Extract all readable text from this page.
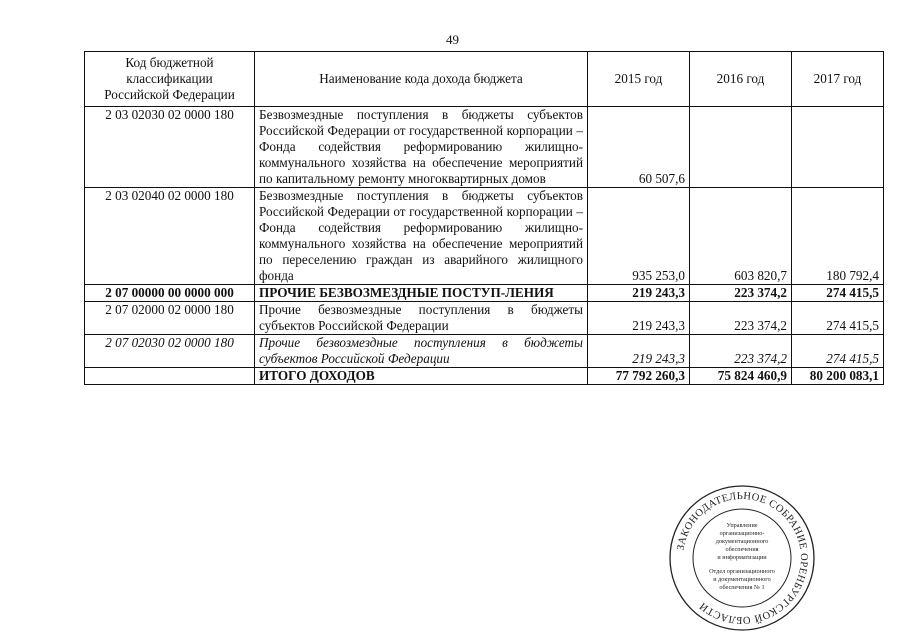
49
Код бюджетной
классификации
Российской Федерации	Наименование кода дохода бюджета	2015 год	2016 год	2017 год
2 03 02030 02 0000 180	Безвозмездные поступления в бюджеты субъектов Российской Федерации от государственной корпорации – Фонда содействия реформированию жилищно-коммунального хозяйства на обеспечение мероприятий по капитальному ремонту многоквартирных домов	60 507,6		
2 03 02040 02 0000 180	Безвозмездные поступления в бюджеты субъектов Российской Федерации от государственной корпорации – Фонда содействия реформированию жилищно-коммунального хозяйства на обеспечение мероприятий по переселению граждан из аварийного жилищного фонда	935 253,0	603 820,7	180 792,4
2 07 00000 00 0000 000	ПРОЧИЕ БЕЗВОЗМЕЗДНЫЕ ПОСТУП-ЛЕНИЯ	219 243,3	223 374,2	274 415,5
2 07 02000 02 0000 180	Прочие безвозмездные поступления в бюджеты субъектов Российской Федерации	219 243,3	223 374,2	274 415,5
2 07 02030 02 0000 180	Прочие безвозмездные поступления в бюджеты субъектов Российской Федерации	219 243,3	223 374,2	274 415,5
	ИТОГО ДОХОДОВ	77 792 260,3	75 824 460,9	80 200 083,1
ЗАКОНОДАТЕЛЬНОЕ СОБРАНИЕ ОРЕНБУРГСКОЙ ОБЛАСТИ
Управление
организационно-
документационного
обеспечения
и информатизации
Отдел организационного
и документационного
обеспечения № 1
